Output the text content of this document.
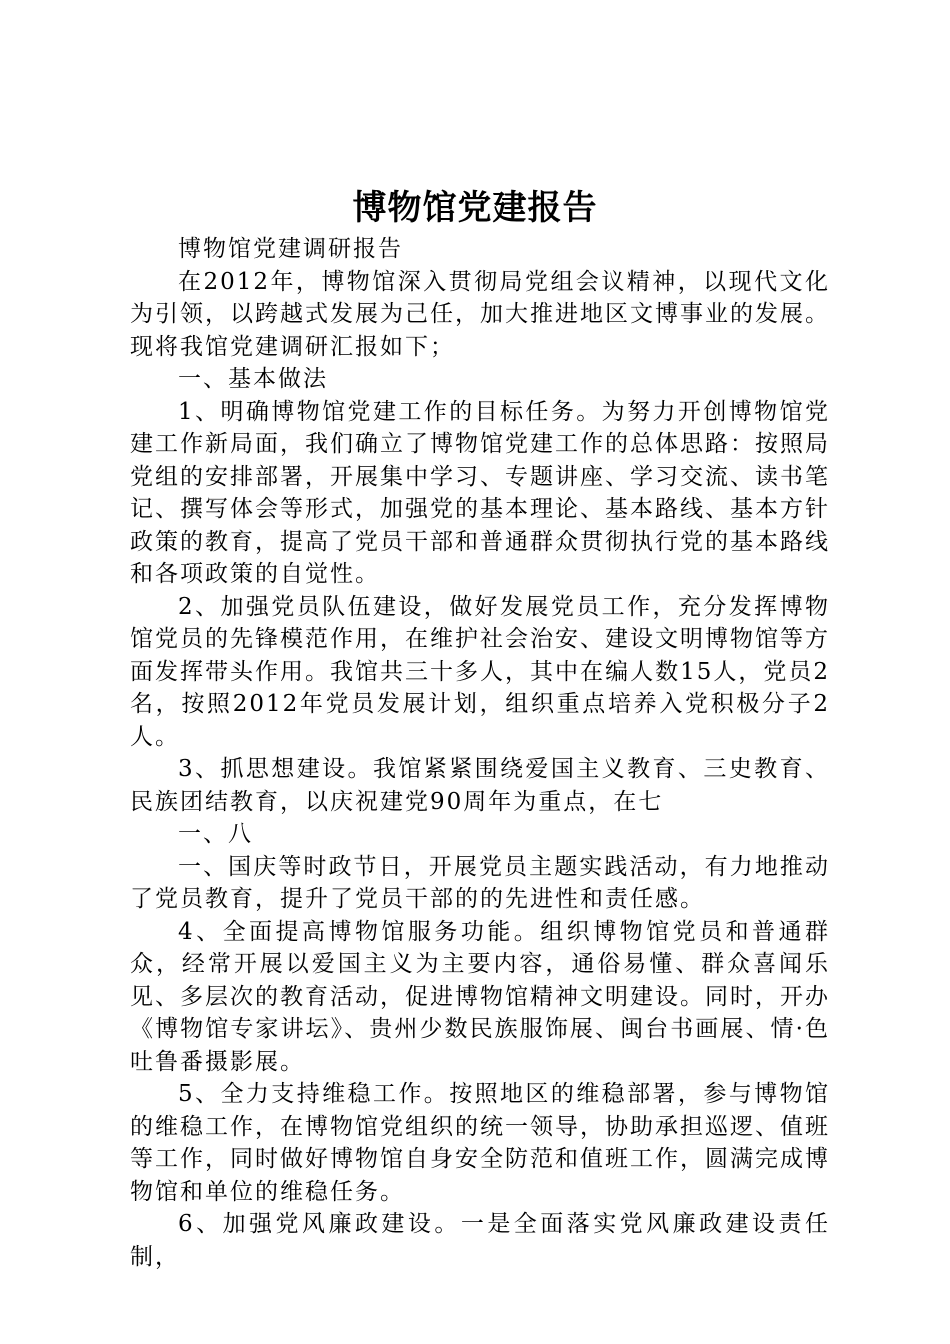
博物馆党建报告

博物馆党建调研报告

在2012年，博物馆深入贯彻局党组会议精神，以现代文化为引领，以跨越式发展为己任，加大推进地区文博事业的发展。现将我馆党建调研汇报如下；

一、基本做法

1、明确博物馆党建工作的目标任务。为努力开创博物馆党建工作新局面，我们确立了博物馆党建工作的总体思路：按照局党组的安排部署，开展集中学习、专题讲座、学习交流、读书笔记、撰写体会等形式，加强党的基本理论、基本路线、基本方针政策的教育，提高了党员干部和普通群众贯彻执行党的基本路线和各项政策的自觉性。

2、加强党员队伍建设，做好发展党员工作，充分发挥博物馆党员的先锋模范作用，在维护社会治安、建设文明博物馆等方面发挥带头作用。我馆共三十多人，其中在编人数15人，党员2名，按照2012年党员发展计划，组织重点培养入党积极分子2人。

3、抓思想建设。我馆紧紧围绕爱国主义教育、三史教育、民族团结教育，以庆祝建党90周年为重点，在七

一、八

一、国庆等时政节日，开展党员主题实践活动，有力地推动了党员教育，提升了党员干部的的先进性和责任感。

4、全面提高博物馆服务功能。组织博物馆党员和普通群众，经常开展以爱国主义为主要内容，通俗易懂、群众喜闻乐见、多层次的教育活动，促进博物馆精神文明建设。同时，开办《博物馆专家讲坛》、贵州少数民族服饰展、闽台书画展、情·色吐鲁番摄影展。

5、全力支持维稳工作。按照地区的维稳部署，参与博物馆的维稳工作，在博物馆党组织的统一领导，协助承担巡逻、值班等工作，同时做好博物馆自身安全防范和值班工作，圆满完成博物馆和单位的维稳任务。

6、加强党风廉政建设。一是全面落实党风廉政建设责任制，
